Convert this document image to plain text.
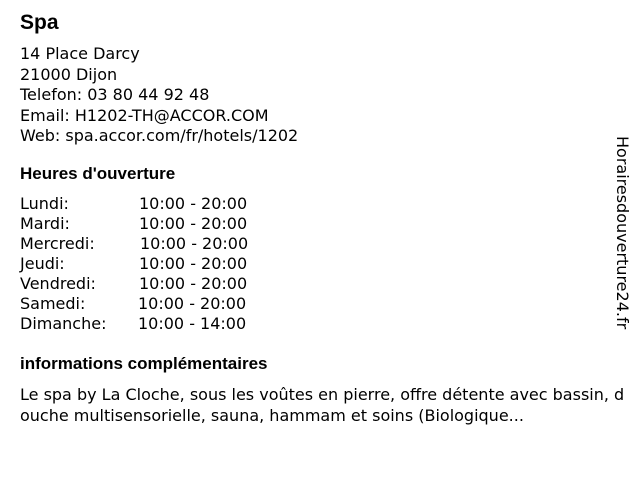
Spa
14 Place Darcy
21000 Dijon
Telefon: 03 80 44 92 48
Email: H1202-TH@ACCOR.COM
Web: spa.accor.com/fr/hotels/1202
Heures d'ouverture
Lundi:	10:00 - 20:00
Mardi:	10:00 - 20:00
Mercredi:	10:00 - 20:00
Jeudi:	10:00 - 20:00
Vendredi:	10:00 - 20:00
Samedi:	10:00 - 20:00
Dimanche: 10:00 - 14:00
informations complémentaires
Le spa by La Cloche, sous les voûtes en pierre, offre détente avec bassin, douche multisensorielle, sauna, hammam et soins (Biologique...
Horairesdouverture24.fr
